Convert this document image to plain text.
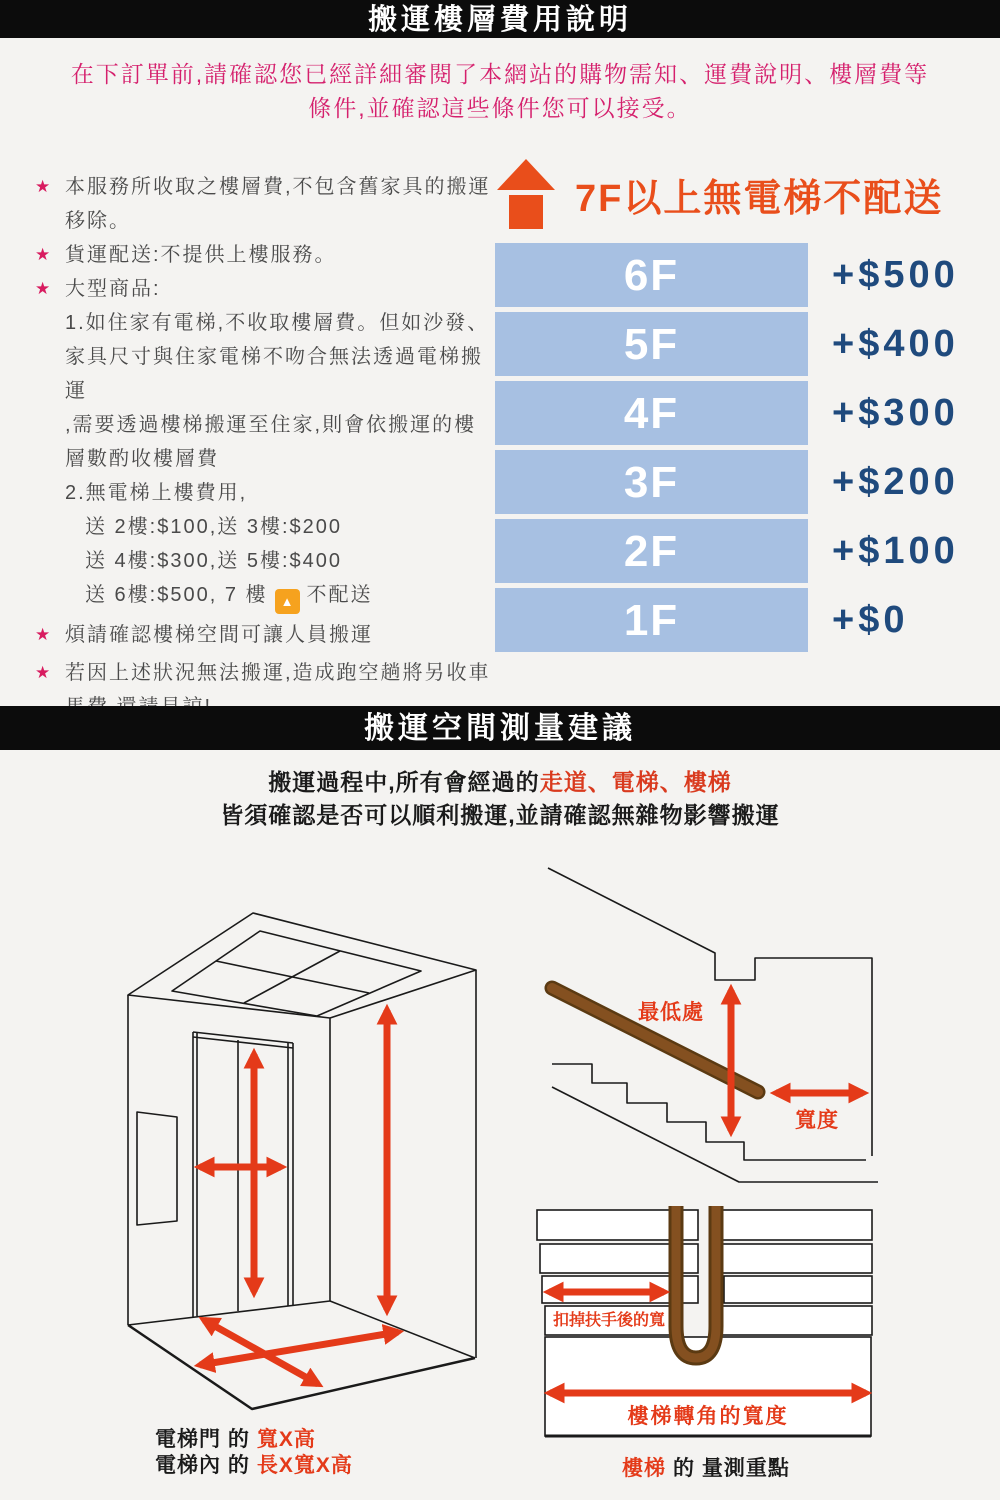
搬運樓層費用說明
在下訂單前,請確認您已經詳細審閱了本網站的購物需知、運費說明、樓層費等
條件,並確認這些條件您可以接受。
★ 本服務所收取之樓層費,不包含舊家具的搬運
移除。
★ 貨運配送:不提供上樓服務。
★ 大型商品:
1.如住家有電梯,不收取樓層費。但如沙發、
家具尺寸與住家電梯不吻合無法透過電梯搬運
,需要透過樓梯搬運至住家,則會依搬運的樓
層數酌收樓層費
2.無電梯上樓費用,
送 2樓:$100,送 3樓:$200
送 4樓:$300,送 5樓:$400
送 6樓:$500, 7 樓 ▲ 不配送
★ 煩請確認樓梯空間可讓人員搬運
★ 若因上述狀況無法搬運,造成跑空趟將另收車
7F以上無電梯不配送
6F	+$500
5F	+$400
4F	+$300
3F	+$200
2F	+$100
1F	+$0
搬運空間測量建議
搬運過程中,所有會經過的走道、電梯、樓梯
皆須確認是否可以順利搬運,並請確認無雜物影響搬運
最低處
寬度
扣掉扶手後的寬
樓梯轉角的寬度
電梯門 的 寬X高
電梯內 的 長X寬X高	樓梯 的 量測重點
